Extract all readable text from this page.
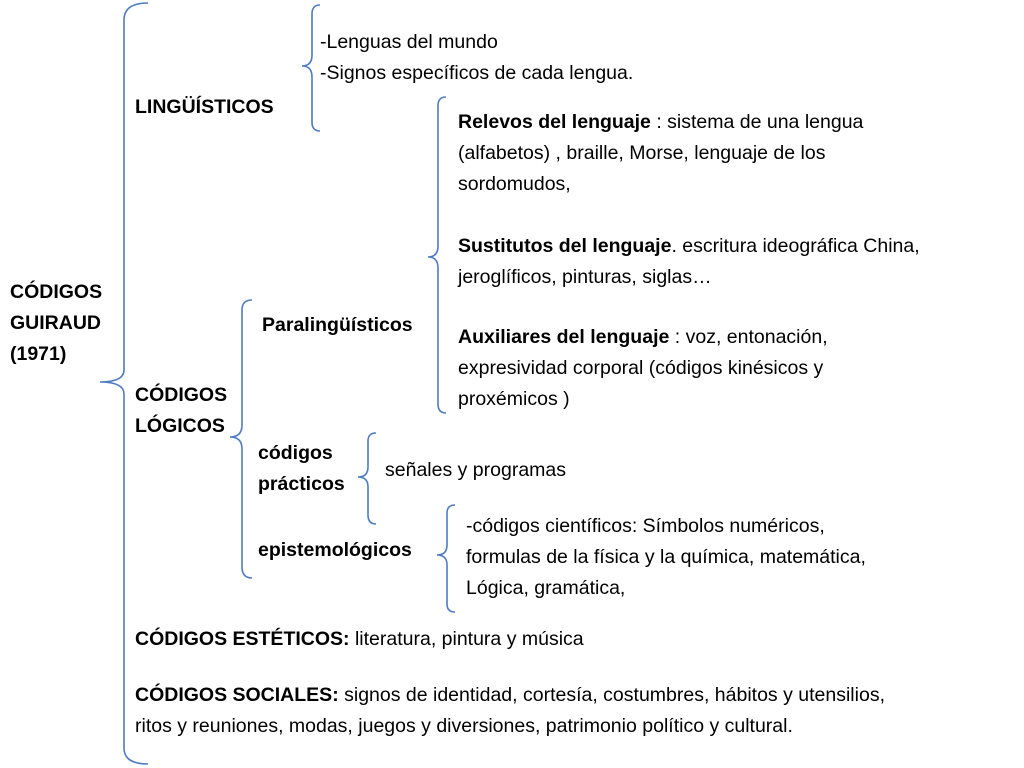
CÓDIGOS
GUIRAUD
(1971)
LINGÜÍSTICOS
-Lenguas del mundo
-Signos específicos de cada lengua.
Relevos del lenguaje : sistema de una lengua
(alfabetos) , braille, Morse, lenguaje de los
sordomudos,
Sustitutos del lenguaje. escritura ideográfica China,
jeroglíficos, pinturas, siglas…
Auxiliares del lenguaje : voz, entonación,
expresividad corporal (códigos kinésicos y
proxémicos )
Paralingüísticos
CÓDIGOS
LÓGICOS
códigos
prácticos
señales y programas
epistemológicos
-códigos científicos: Símbolos numéricos,
formulas de la física y la química, matemática,
Lógica, gramática,
CÓDIGOS ESTÉTICOS: literatura, pintura y música
CÓDIGOS SOCIALES: signos de identidad, cortesía, costumbres, hábitos y utensilios,
ritos y reuniones, modas, juegos y diversiones, patrimonio político y cultural.
